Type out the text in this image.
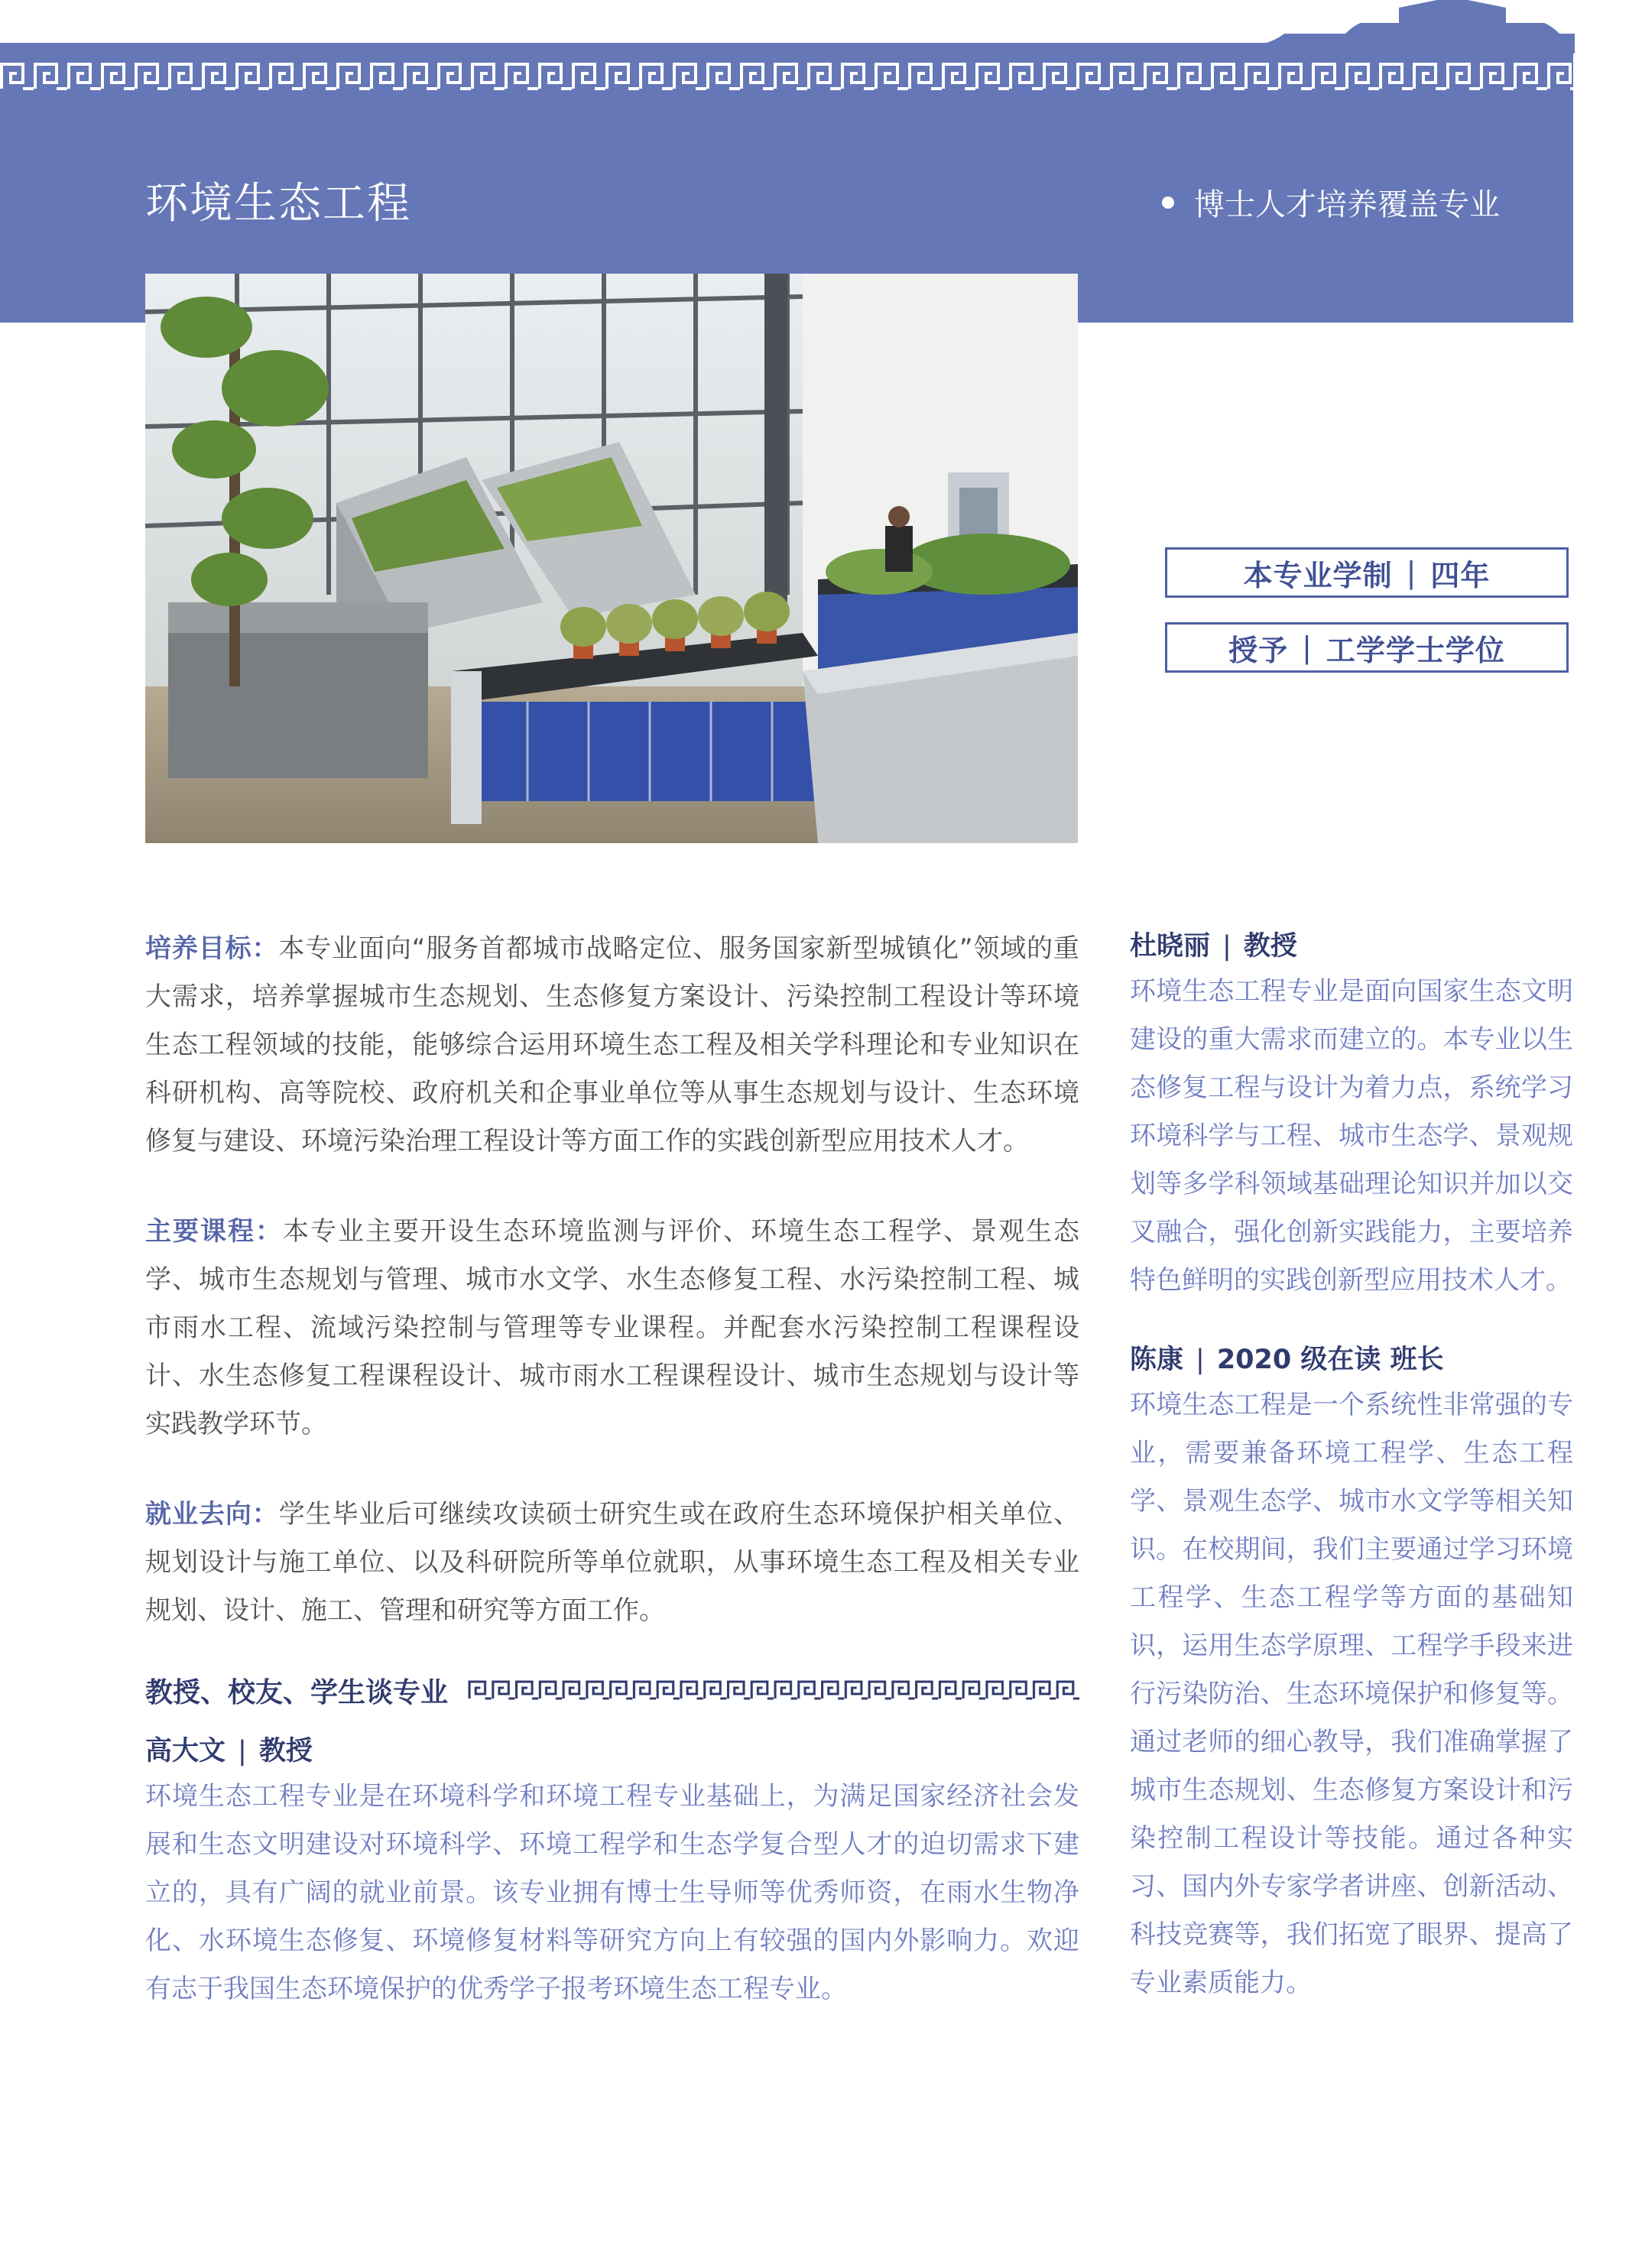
环境生态工程	博士人才培养覆盖专业
本专业学制 | 四年
授予 | 工学学士学位

培养目标：本专业面向“服务首都城市战略定位、服务国家新型城镇化”领域的重大需求，培养掌握城市生态规划、生态修复方案设计、污染控制工程设计等环境生态工程领域的技能，能够综合运用环境生态工程及相关学科理论和专业知识在科研机构、高等院校、政府机关和企事业单位等从事生态规划与设计、生态环境修复与建设、环境污染治理工程设计等方面工作的实践创新型应用技术人才。

主要课程：本专业主要开设生态环境监测与评价、环境生态工程学、景观生态学、城市生态规划与管理、城市水文学、水生态修复工程、水污染控制工程、城市雨水工程、流域污染控制与管理等专业课程。并配套水污染控制工程课程设计、水生态修复工程课程设计、城市雨水工程课程设计、城市生态规划与设计等实践教学环节。

就业去向：学生毕业后可继续攻读硕士研究生或在政府生态环境保护相关单位、规划设计与施工单位、以及科研院所等单位就职，从事环境生态工程及相关专业规划、设计、施工、管理和研究等方面工作。

教授、校友、学生谈专业
高大文 | 教授

环境生态工程专业是在环境科学和环境工程专业基础上，为满足国家经济社会发展和生态文明建设对环境科学、环境工程学和生态学复合型人才的迫切需求下建立的，具有广阔的就业前景。该专业拥有博士生导师等优秀师资，在雨水生物净化、水环境生态修复、环境修复材料等研究方向上有较强的国内外影响力。欢迎有志于我国生态环境保护的优秀学子报考环境生态工程专业。

杜晓丽 | 教授

环境生态工程专业是面向国家生态文明建设的重大需求而建立的。本专业以生态修复工程与设计为着力点，系统学习环境科学与工程、城市生态学、景观规划等多学科领域基础理论知识并加以交叉融合，强化创新实践能力，主要培养特色鲜明的实践创新型应用技术人才。

陈康 | 2020 级在读 班长

环境生态工程是一个系统性非常强的专业，需要兼备环境工程学、生态工程学、景观生态学、城市水文学等相关知识。在校期间，我们主要通过学习环境工程学、生态工程学等方面的基础知识，运用生态学原理、工程学手段来进行污染防治、生态环境保护和修复等。通过老师的细心教导，我们准确掌握了城市生态规划、生态修复方案设计和污染控制工程设计等技能。通过各种实习、国内外专家学者讲座、创新活动、科技竞赛等，我们拓宽了眼界、提高了专业素质能力。
